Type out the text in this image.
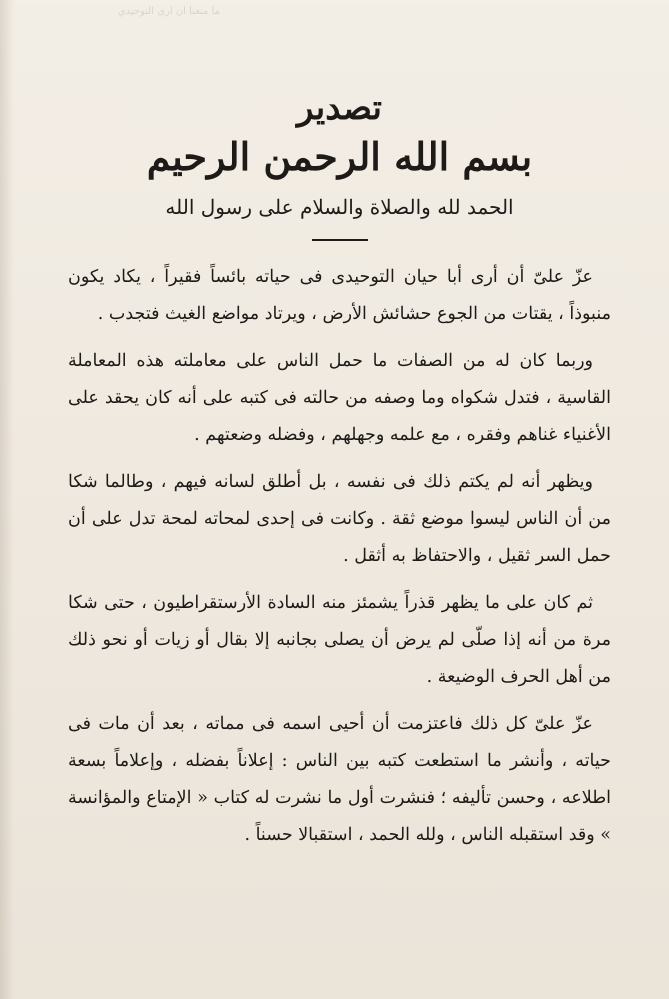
ما منعنا أن أرى التوحيدي
تصدير
بسم الله الرحمن الرحيم
الحمد لله والصلاة والسلام على رسول الله

عزّ علىّ أن أرى أبا حيان التوحيدى فى حياته بائساً فقيراً ، يكاد يكون منبوذاً ، يقتات من الجوع حشائش الأرض ، ويرتاد مواضع الغيث فتجدب .

وربما كان له من الصفات ما حمل الناس على معاملته هذه المعاملة القاسية ، فتدل شكواه وما وصفه من حالته فى كتبه على أنه كان يحقد على الأغنياء غناهم وفقره ، مع علمه وجهلهم ، وفضله وضعتهم .

ويظهر أنه لم يكتم ذلك فى نفسه ، بل أطلق لسانه فيهم ، وطالما شكا من أن الناس ليسوا موضع ثقة . وكانت فى إحدى لمحاته لمحة تدل على أن حمل السر ثقيل ، والاحتفاظ به أثقل .

ثم كان على ما يظهر قذراً يشمئز منه السادة الأرستقراطيون ، حتى شكا مرة من أنه إذا صلّى لم يرض أن يصلى بجانبه إلا بقال أو زيات أو نحو ذلك من أهل الحرف الوضيعة .

عزّ علىّ كل ذلك فاعتزمت أن أحيى اسمه فى مماته ، بعد أن مات فى حياته ، وأنشر ما استطعت كتبه بين الناس : إعلاناً بفضله ، وإعلاماً بسعة اطلاعه ، وحسن تأليفه ؛ فنشرت أول ما نشرت له كتاب « الإمتاع والمؤانسة » وقد استقبله الناس ، ولله الحمد ، استقبالا حسناً .
